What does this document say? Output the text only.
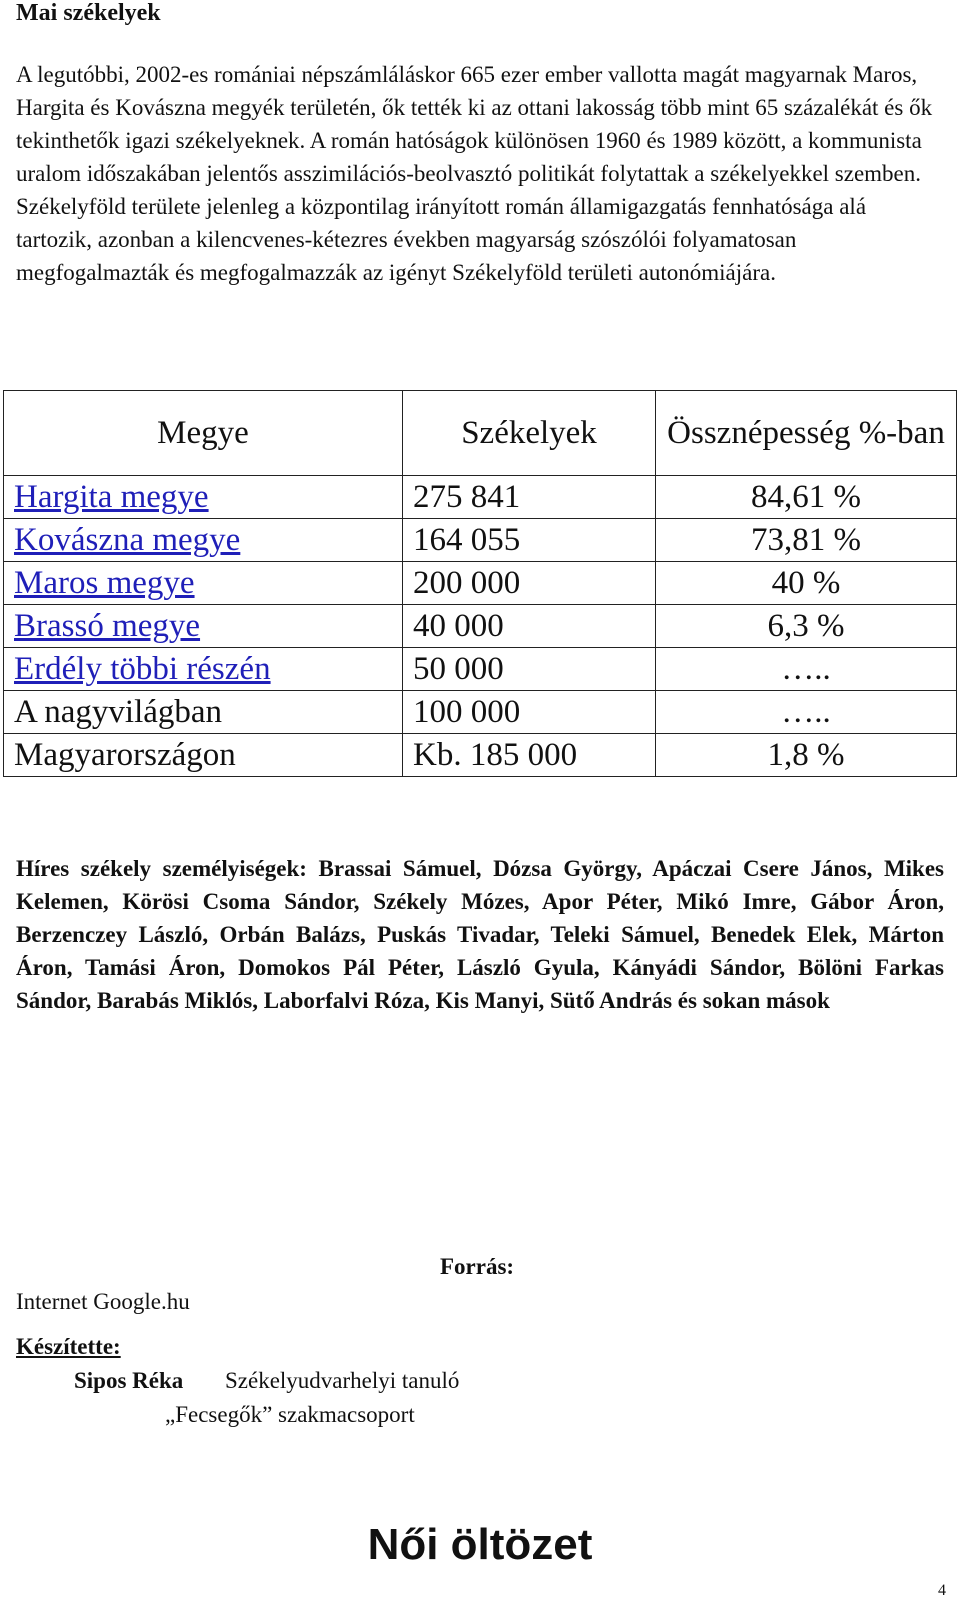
Mai székelyek
A legutóbbi, 2002-es romániai népszámláláskor 665 ezer ember vallotta magát magyarnak Maros, Hargita és Kovászna megyék területén, ők tették ki az ottani lakosság több mint 65 százalékát és ők tekinthetők igazi székelyeknek. A román hatóságok különösen 1960 és 1989 között, a kommunista uralom időszakában jelentős asszimilációs-beolvasztó politikát folytattak a székelyekkel szemben. Székelyföld területe jelenleg a központilag irányított román államigazgatás fennhatósága alá tartozik, azonban a kilencvenes-kétezres években magyarság szószólói folyamatosan megfogalmazták és megfogalmazzák az igényt Székelyföld területi autonómiájára.
Megye	Székelyek	Össznépesség %-ban
Hargita megye	275 841	84,61 %
Kovászna megye	164 055	73,81 %
Maros megye	200 000	40 %
Brassó megye	40 000	6,3 %
Erdély többi részén	50 000	…..
A nagyvilágban	100 000	…..
Magyarországon	Kb. 185 000	1,8 %
Híres székely személyiségek: Brassai Sámuel, Dózsa György, Apáczai Csere János, Mikes Kelemen, Körösi Csoma Sándor, Székely Mózes, Apor Péter, Mikó Imre, Gábor Áron, Berzenczey László, Orbán Balázs, Puskás Tivadar, Teleki Sámuel, Benedek Elek, Márton Áron, Tamási Áron, Domokos Pál Péter, László Gyula, Kányádi Sándor, Bölöni Farkas Sándor, Barabás Miklós, Laborfalvi Róza, Kis Manyi, Sütő András és sokan mások
Forrás:
Internet Google.hu
Készítette:
Sipos Réka Székelyudvarhelyi tanuló
„Fecsegők” szakmacsoport
Női öltözet
4
